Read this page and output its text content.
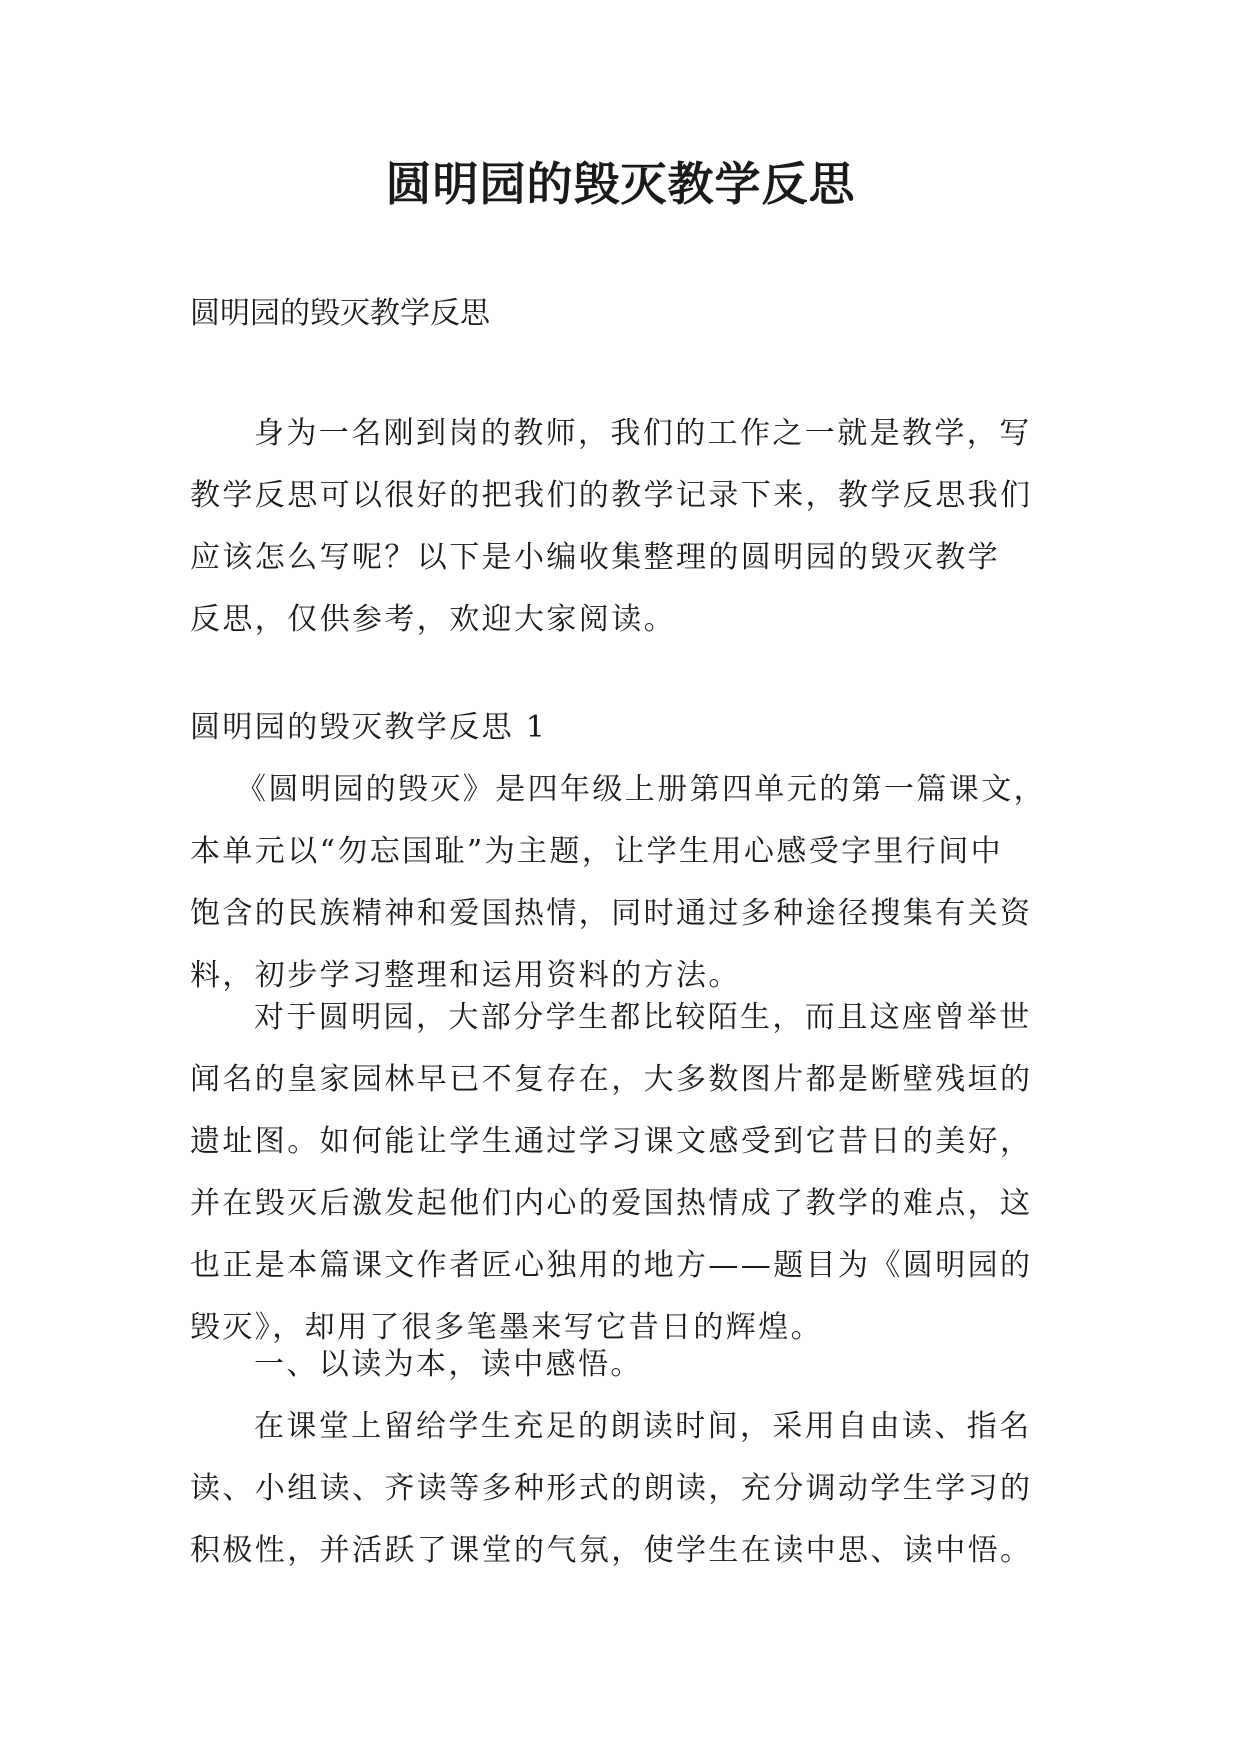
圆明园的毁灭教学反思
圆明园的毁灭教学反思
身为一名刚到岗的教师，我们的工作之一就是教学，写
教学反思可以很好的把我们的教学记录下来，教学反思我们
应该怎么写呢？以下是小编收集整理的圆明园的毁灭教学
反思，仅供参考，欢迎大家阅读。
圆明园的毁灭教学反思 1
《圆明园的毁灭》是四年级上册第四单元的第一篇课文，
本单元以“勿忘国耻”为主题，让学生用心感受字里行间中
饱含的民族精神和爱国热情，同时通过多种途径搜集有关资
料，初步学习整理和运用资料的方法。
对于圆明园，大部分学生都比较陌生，而且这座曾举世
闻名的皇家园林早已不复存在，大多数图片都是断壁残垣的
遗址图。如何能让学生通过学习课文感受到它昔日的美好，
并在毁灭后激发起他们内心的爱国热情成了教学的难点，这
也正是本篇课文作者匠心独用的地方——题目为《圆明园的
毁灭》，却用了很多笔墨来写它昔日的辉煌。
一、以读为本，读中感悟。
在课堂上留给学生充足的朗读时间，采用自由读、指名
读、小组读、齐读等多种形式的朗读，充分调动学生学习的
积极性，并活跃了课堂的气氛，使学生在读中思、读中悟。
